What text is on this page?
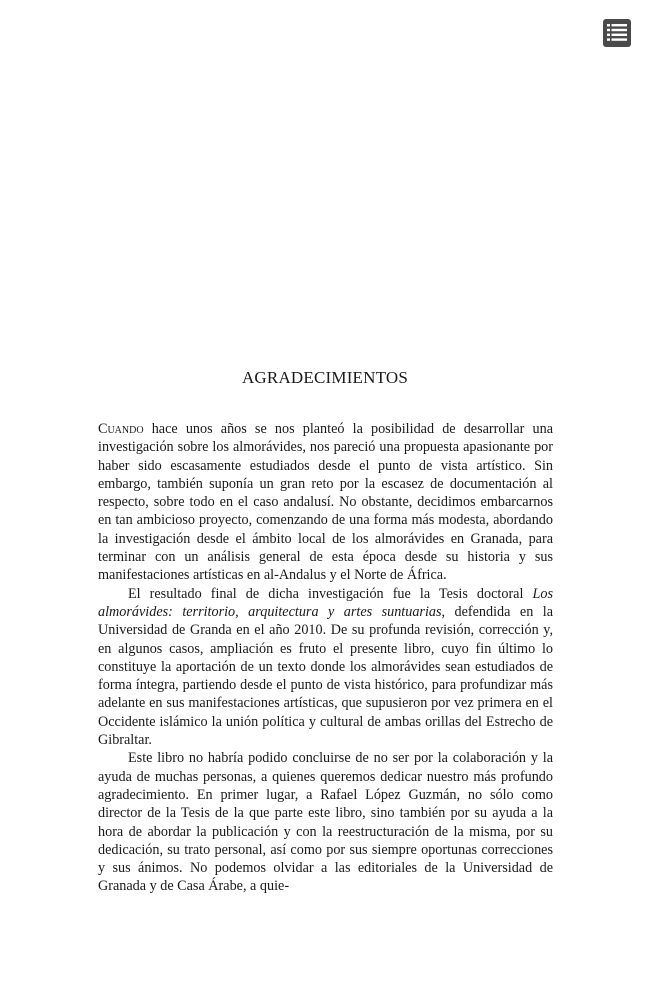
AGRADECIMIENTOS

Cuando hace unos años se nos planteó la posibilidad de desarrollar una investigación sobre los almorávides, nos pareció una propuesta apasionante por haber sido escasamente estudiados desde el punto de vista artístico. Sin embargo, también suponía un gran reto por la escasez de documentación al respecto, sobre todo en el caso andalusí. No obstante, decidimos embarcarnos en tan ambicioso proyecto, comenzando de una forma más modesta, abordando la investigación desde el ámbito local de los almorávides en Granada, para terminar con un análisis general de esta época desde su historia y sus manifestaciones artísticas en al-Andalus y el Norte de África.

El resultado final de dicha investigación fue la Tesis doctoral Los almorávides: territorio, arquitectura y artes suntuarias, defendida en la Universidad de Granda en el año 2010. De su profunda revisión, corrección y, en algunos casos, ampliación es fruto el presente libro, cuyo fin último lo constituye la aportación de un texto donde los almorávides sean estudiados de forma íntegra, partiendo desde el punto de vista histórico, para profundizar más adelante en sus manifestaciones artísticas, que supusieron por vez primera en el Occidente islámico la unión política y cultural de ambas orillas del Estrecho de Gibraltar.

Este libro no habría podido concluirse de no ser por la colaboración y la ayuda de muchas personas, a quienes queremos dedicar nuestro más profundo agradecimiento. En primer lugar, a Rafael López Guzmán, no sólo como director de la Tesis de la que parte este libro, sino también por su ayuda a la hora de abordar la publicación y con la reestructuración de la misma, por su dedicación, su trato personal, así como por sus siempre oportunas correcciones y sus ánimos. No podemos olvidar a las editoriales de la Universidad de Granada y de Casa Árabe, a quie-
